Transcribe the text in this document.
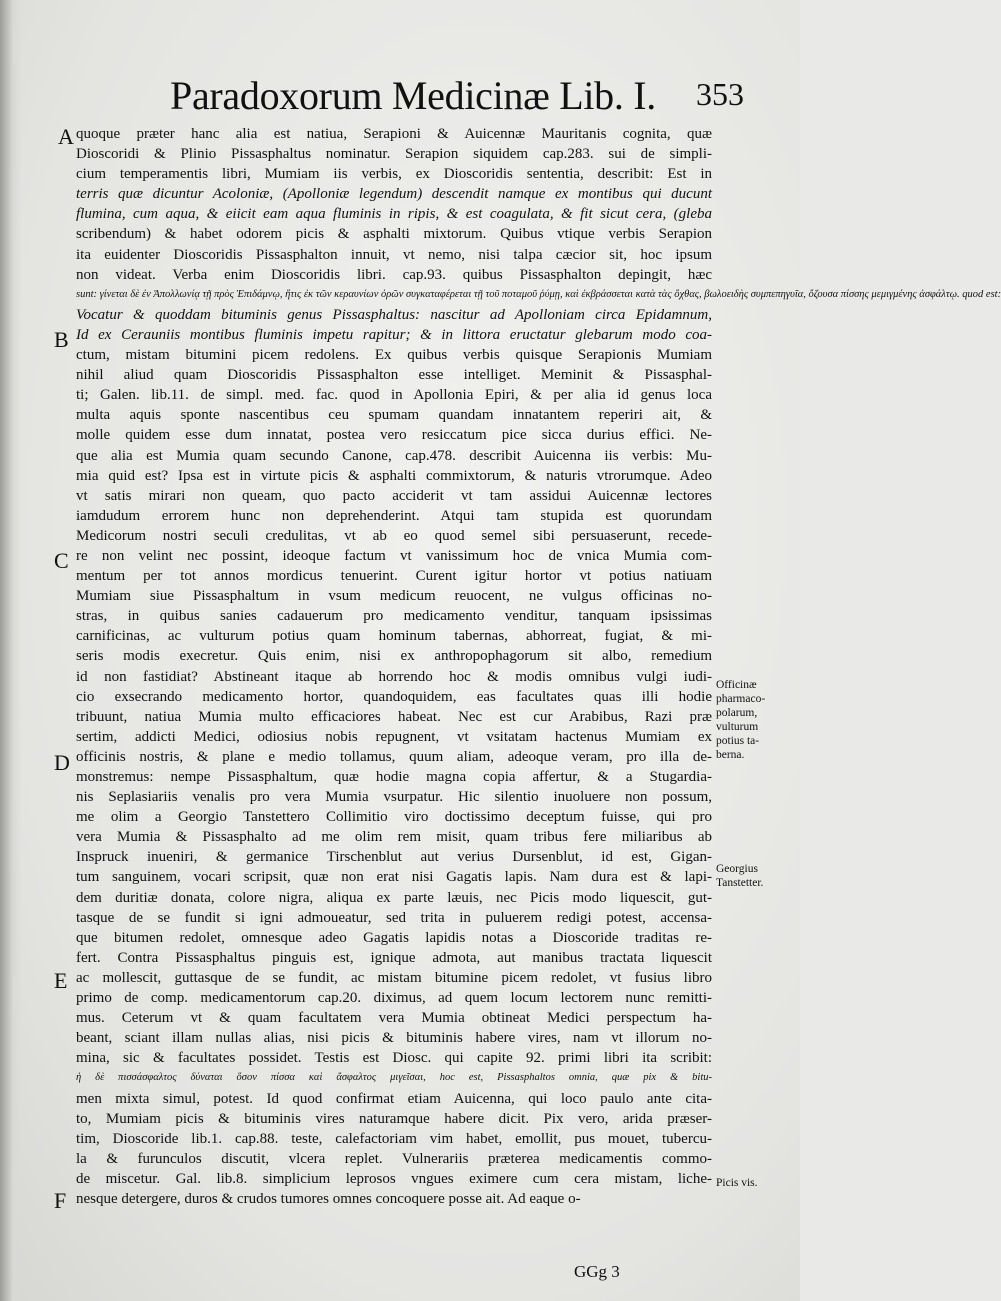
Paradoxorum Medicinæ Lib. I. 353
A
B
C
D
E
F
quoque præter hanc alia est natiua, Serapioni & Auicennæ Mauritanis cognita, quæ
Dioscoridi & Plinio Pissasphaltus nominatur. Serapion siquidem cap.283. sui de simpli-
cium temperamentis libri, Mumiam iis verbis, ex Dioscoridis sententia, describit: Est in
terris quæ dicuntur Acoloniæ, (Apolloniæ legendum) descendit namque ex montibus qui ducunt
flumina, cum aqua, & eiicit eam aqua fluminis in ripis, & est coagulata, & fit sicut cera, (gleba
scribendum) & habet odorem picis & asphalti mixtorum. Quibus vtique verbis Serapion
ita euidenter Dioscoridis Pissasphalton innuit, vt nemo, nisi talpa cæcior sit, hoc ipsum
non videat. Verba enim Dioscoridis libri. cap.93. quibus Pissasphalton depingit, hæc
sunt: γίνεται δὲ ἐν Ἀπολλωνίᾳ τῇ πρὸς Ἐπιδάμνῳ, ἥτις ἐκ τῶν κεραυνίων ὀρῶν συγκαταφέρεται τῇ τοῦ ποταμοῦ ῥύμῃ, καὶ ἐκβράσσεται κατὰ τὰς ὄχθας, βωλοειδὴς συμπεπηγυῖα, ὄζουσα πίσσης μεμιγμένης ἀσφάλτῳ. quod est:
Vocatur & quoddam bituminis genus Pissasphaltus: nascitur ad Apolloniam circa Epidamnum,
Id ex Cerauniis montibus fluminis impetu rapitur; & in littora eructatur glebarum modo coa-
ctum, mistam bitumini picem redolens. Ex quibus verbis quisque Serapionis Mumiam
nihil aliud quam Dioscoridis Pissasphalton esse intelliget. Meminit & Pissasphal-
ti; Galen. lib.11. de simpl. med. fac. quod in Apollonia Epiri, & per alia id genus loca
multa aquis sponte nascentibus ceu spumam quandam innatantem reperiri ait, &
molle quidem esse dum innatat, postea vero resiccatum pice sicca durius effici. Ne-
que alia est Mumia quam secundo Canone, cap.478. describit Auicenna iis verbis: Mu-
mia quid est? Ipsa est in virtute picis & asphalti commixtorum, & naturis vtrorumque. Adeo
vt satis mirari non queam, quo pacto acciderit vt tam assidui Auicennæ lectores
iamdudum errorem hunc non deprehenderint. Atqui tam stupida est quorundam
Medicorum nostri seculi credulitas, vt ab eo quod semel sibi persuaserunt, recede-
re non velint nec possint, ideoque factum vt vanissimum hoc de vnica Mumia com-
mentum per tot annos mordicus tenuerint. Curent igitur hortor vt potius natiuam
Mumiam siue Pissasphaltum in vsum medicum reuocent, ne vulgus officinas no-
stras, in quibus sanies cadauerum pro medicamento venditur, tanquam ipsissimas
carnificinas, ac vulturum potius quam hominum tabernas, abhorreat, fugiat, & mi-
seris modis execretur. Quis enim, nisi ex anthropophagorum sit albo, remedium
id non fastidiat? Abstineant itaque ab horrendo hoc & modis omnibus vulgi iudi-
cio exsecrando medicamento hortor, quandoquidem, eas facultates quas illi hodie
tribuunt, natiua Mumia multo efficaciores habeat. Nec est cur Arabibus, Razi præ
sertim, addicti Medici, odiosius nobis repugnent, vt vsitatam hactenus Mumiam ex
officinis nostris, & plane e medio tollamus, quum aliam, adeoque veram, pro illa de-
monstremus: nempe Pissasphaltum, quæ hodie magna copia affertur, & a Stugardia-
nis Seplasiariis venalis pro vera Mumia vsurpatur. Hic silentio inuoluere non possum,
me olim a Georgio Tanstettero Collimitio viro doctissimo deceptum fuisse, qui pro
vera Mumia & Pissasphalto ad me olim rem misit, quam tribus fere miliaribus ab
Inspruck inueniri, & germanice Tirschenblut aut verius Dursenblut, id est, Gigan-
tum sanguinem, vocari scripsit, quæ non erat nisi Gagatis lapis. Nam dura est & lapi-
dem duritiæ donata, colore nigra, aliqua ex parte læuis, nec Picis modo liquescit, gut-
tasque de se fundit si igni admoueatur, sed trita in puluerem redigi potest, accensa-
que bitumen redolet, omnesque adeo Gagatis lapidis notas a Dioscoride traditas re-
fert. Contra Pissasphaltus pinguis est, ignique admota, aut manibus tractata liquescit
ac mollescit, guttasque de se fundit, ac mistam bitumine picem redolet, vt fusius libro
primo de comp. medicamentorum cap.20. diximus, ad quem locum lectorem nunc remitti-
mus. Ceterum vt & quam facultatem vera Mumia obtineat Medici perspectum ha-
beant, sciant illam nullas alias, nisi picis & bituminis habere vires, nam vt illorum no-
mina, sic & facultates possidet. Testis est Diosc. qui capite 92. primi libri ita scribit:
ἡ δὲ πισσάσφαλτος δύναται ὅσον πίσσα καὶ ἄσφαλτος μιγεῖσαι, hoc est, Pissasphaltos omnia, quæ pix & bitu-
men mixta simul, potest. Id quod confirmat etiam Auicenna, qui loco paulo ante cita-
to, Mumiam picis & bituminis vires naturamque habere dicit. Pix vero, arida præser-
tim, Dioscoride lib.1. cap.88. teste, calefactoriam vim habet, emollit, pus mouet, tubercu-
la & furunculos discutit, vlcera replet. Vulnerariis præterea medicamentis commo-
de miscetur. Gal. lib.8. simplicium leprosos vngues eximere cum cera mistam, liche-
nesque detergere, duros & crudos tumores omnes concoquere posse ait. Ad eaque o-
Officinæ
pharmaco-
polarum,
vulturum
potius ta-
berna.
Georgius
Tanstetter.
Picis vis.
GGg 3
